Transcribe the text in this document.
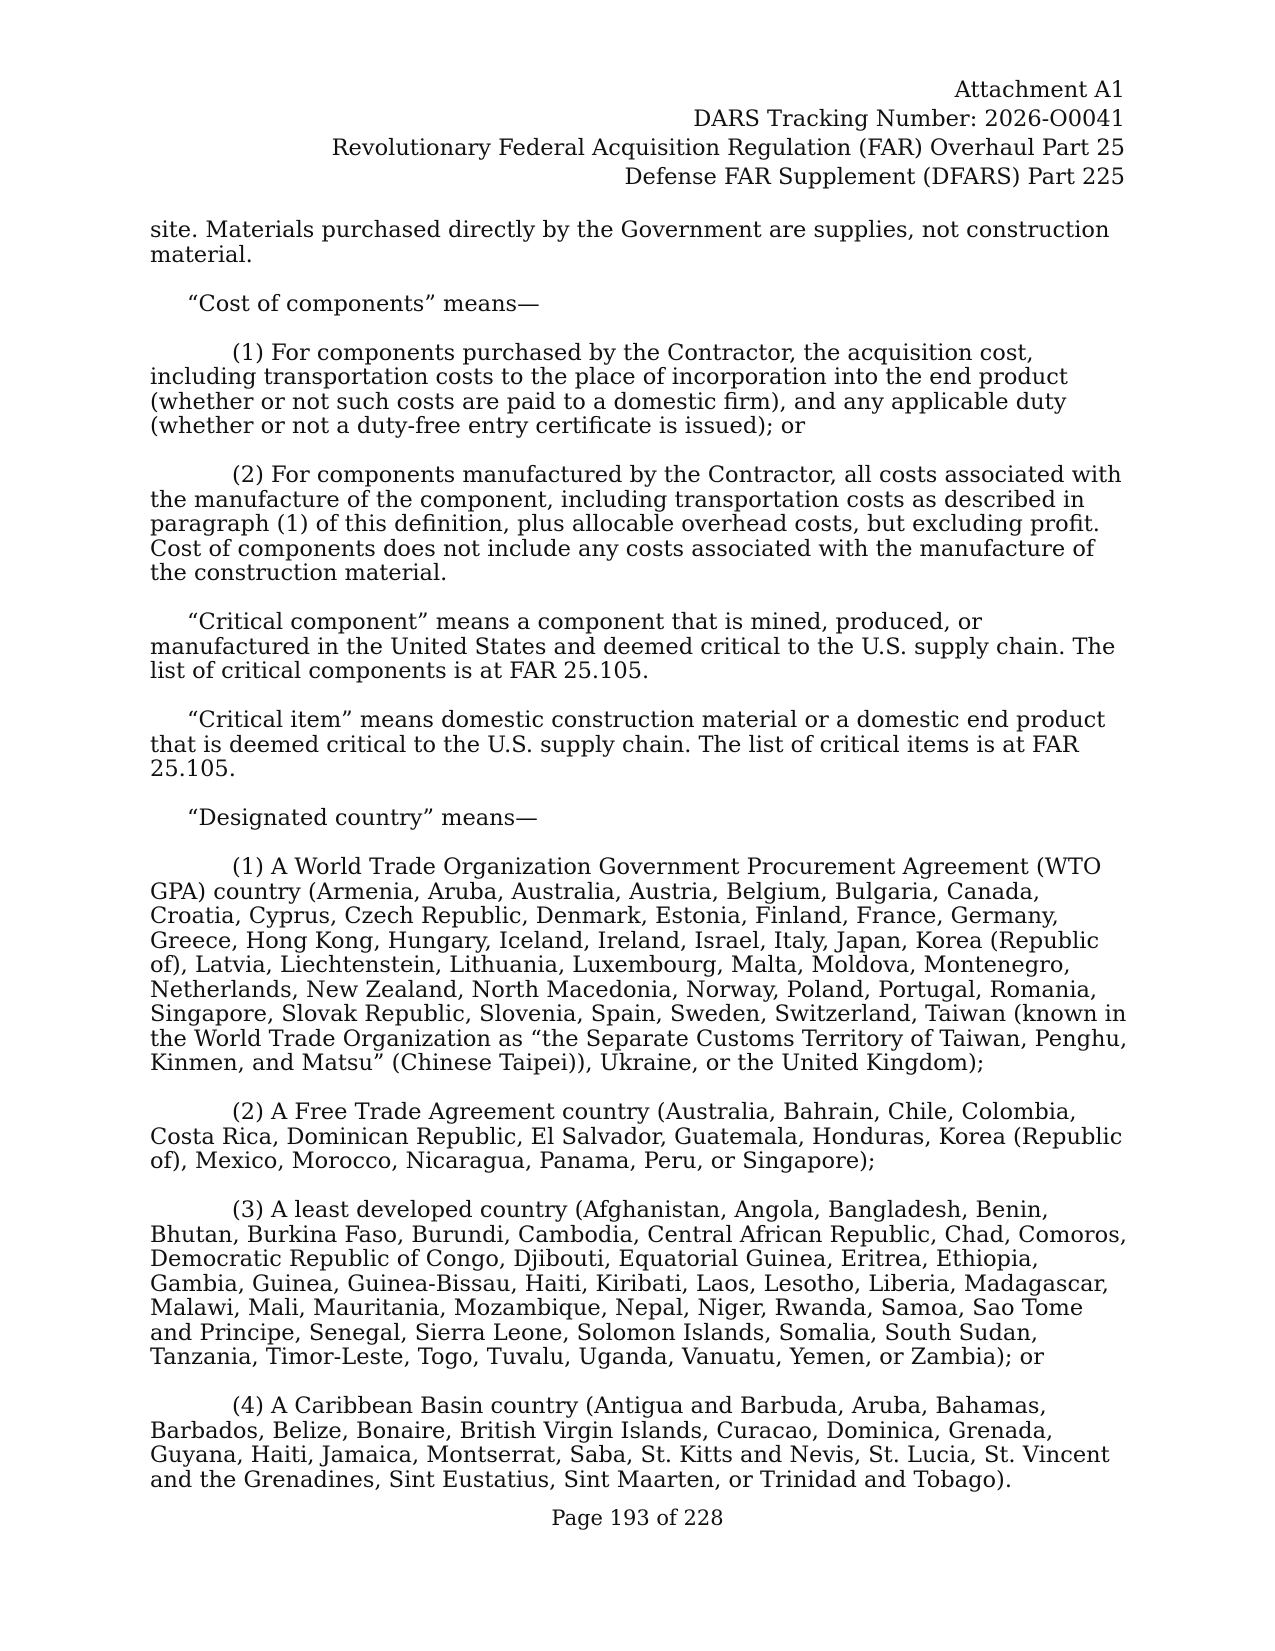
Attachment A1
DARS Tracking Number: 2026-O0041
Revolutionary Federal Acquisition Regulation (FAR) Overhaul Part 25
Defense FAR Supplement (DFARS) Part 225

site. Materials purchased directly by the Government are supplies, not construction material.

“Cost of components” means—

(1) For components purchased by the Contractor, the acquisition cost, including transportation costs to the place of incorporation into the end product (whether or not such costs are paid to a domestic firm), and any applicable duty (whether or not a duty-free entry certificate is issued); or

(2) For components manufactured by the Contractor, all costs associated with the manufacture of the component, including transportation costs as described in paragraph (1) of this definition, plus allocable overhead costs, but excluding profit. Cost of components does not include any costs associated with the manufacture of the construction material.

“Critical component” means a component that is mined, produced, or manufactured in the United States and deemed critical to the U.S. supply chain. The list of critical components is at FAR 25.105.

“Critical item” means domestic construction material or a domestic end product that is deemed critical to the U.S. supply chain. The list of critical items is at FAR 25.105.

“Designated country” means—

(1) A World Trade Organization Government Procurement Agreement (WTO GPA) country (Armenia, Aruba, Australia, Austria, Belgium, Bulgaria, Canada, Croatia, Cyprus, Czech Republic, Denmark, Estonia, Finland, France, Germany, Greece, Hong Kong, Hungary, Iceland, Ireland, Israel, Italy, Japan, Korea (Republic of), Latvia, Liechtenstein, Lithuania, Luxembourg, Malta, Moldova, Montenegro, Netherlands, New Zealand, North Macedonia, Norway, Poland, Portugal, Romania, Singapore, Slovak Republic, Slovenia, Spain, Sweden, Switzerland, Taiwan (known in the World Trade Organization as “the Separate Customs Territory of Taiwan, Penghu, Kinmen, and Matsu” (Chinese Taipei)), Ukraine, or the United Kingdom);

(2) A Free Trade Agreement country (Australia, Bahrain, Chile, Colombia, Costa Rica, Dominican Republic, El Salvador, Guatemala, Honduras, Korea (Republic of), Mexico, Morocco, Nicaragua, Panama, Peru, or Singapore);

(3) A least developed country (Afghanistan, Angola, Bangladesh, Benin, Bhutan, Burkina Faso, Burundi, Cambodia, Central African Republic, Chad, Comoros, Democratic Republic of Congo, Djibouti, Equatorial Guinea, Eritrea, Ethiopia, Gambia, Guinea, Guinea-Bissau, Haiti, Kiribati, Laos, Lesotho, Liberia, Madagascar, Malawi, Mali, Mauritania, Mozambique, Nepal, Niger, Rwanda, Samoa, Sao Tome and Principe, Senegal, Sierra Leone, Solomon Islands, Somalia, South Sudan, Tanzania, Timor-Leste, Togo, Tuvalu, Uganda, Vanuatu, Yemen, or Zambia); or

(4) A Caribbean Basin country (Antigua and Barbuda, Aruba, Bahamas, Barbados, Belize, Bonaire, British Virgin Islands, Curacao, Dominica, Grenada, Guyana, Haiti, Jamaica, Montserrat, Saba, St. Kitts and Nevis, St. Lucia, St. Vincent and the Grenadines, Sint Eustatius, Sint Maarten, or Trinidad and Tobago).

Page 193 of 228
